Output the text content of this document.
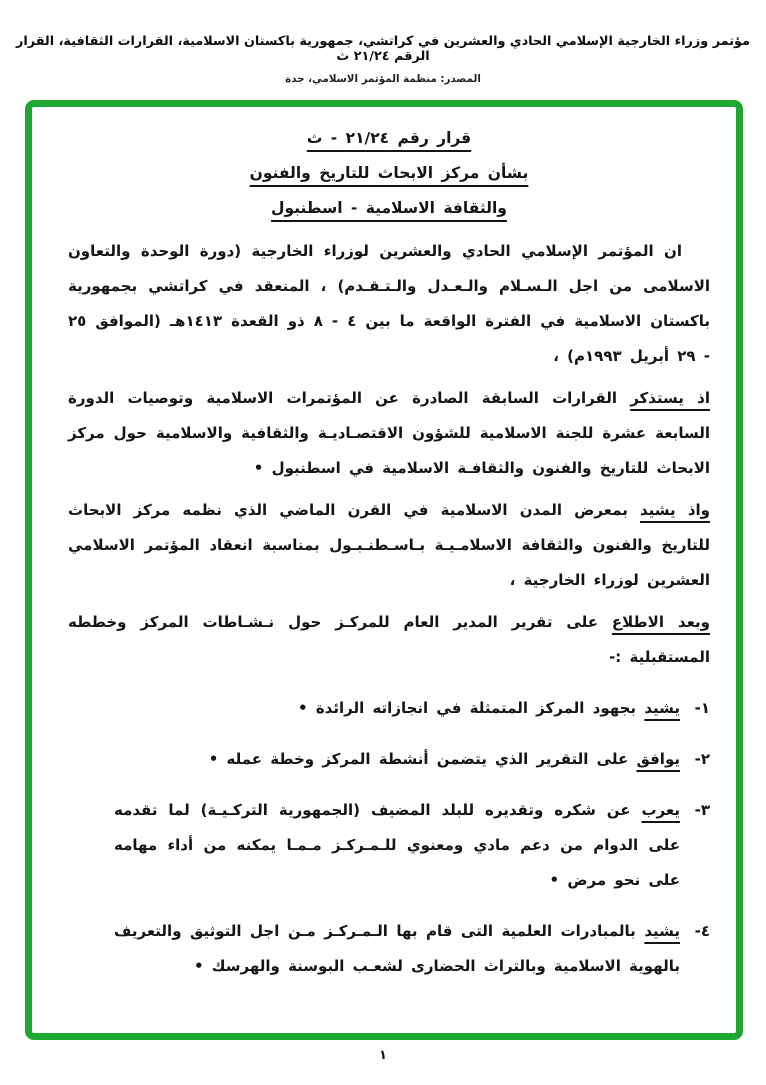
مؤتمر وزراء الخارجية الإسلامي الحادي والعشرين في كراتشي، جمهورية باكستان الاسلامية، القرارات الثقافية، القرار الرقم ٢١/٢٤ ث
المصدر: منظمة المؤتمر الاسلامي، جدة
قرار رقم ٢١/٢٤ - ث
بشأن مركز الابحاث للتاريخ والفنون
والثقافة الاسلامية - اسطنبول

ان المؤتمر الإسلامي الحادي والعشرين لوزراء الخارجية (دورة الوحدة والتعاون الاسلامى من اجل الـسـلام والـعـدل والـتـقـدم) ، المنعقد في كراتشي بجمهورية باكستان الاسلامية في الفترة الواقعة ما بين ٤ - ٨ ذو القعدة ١٤١٣هـ (الموافق ٢٥ - ٢٩ أبريل ١٩٩٣م) ،

اذ يستذكر القرارات السابقة الصادرة عن المؤتمرات الاسلامية وتوصيات الدورة السابعة عشرة للجنة الاسلامية للشؤون الاقتصـاديـة والثقافية والاسلامية حول مركز الابحاث للتاريخ والفنون والثقافـة الاسلامية في اسطنبول •

واذ يشيد بمعرض المدن الاسلامية في القرن الماضي الذي نظمه مركز الابحاث للتاريخ والفنون والثقافة الاسلامـيـة بـاسـطنـبـول بمناسبة انعقاد المؤتمر الاسلامي العشرين لوزراء الخارجية ،

وبعد الاطلاع على تقرير المدير العام للمركـز حول نـشـاطات المركز وخططه المستقبلية :-

١-
يشيد بجهود المركز المتمثلة في انجازاته الرائدة •
٢-
يوافق على التقرير الذي يتضمن أنشطة المركز وخطة عمله •
٣-
يعرب عن شكره وتقديره للبلد المضيف (الجمهورية التركـيـة) لما تقدمه على الدوام من دعم مادي ومعنوي للـمـركـز مـمـا يمكنه من أداء مهامه على نحو مرض •
٤-
يشيد بالمبادرات العلمية التى قام بها الـمـركـز مـن اجل التوثيق والتعريف بالهوية الاسلامية وبالتراث الحضارى لشعـب البوسنة والهرسك •
١
